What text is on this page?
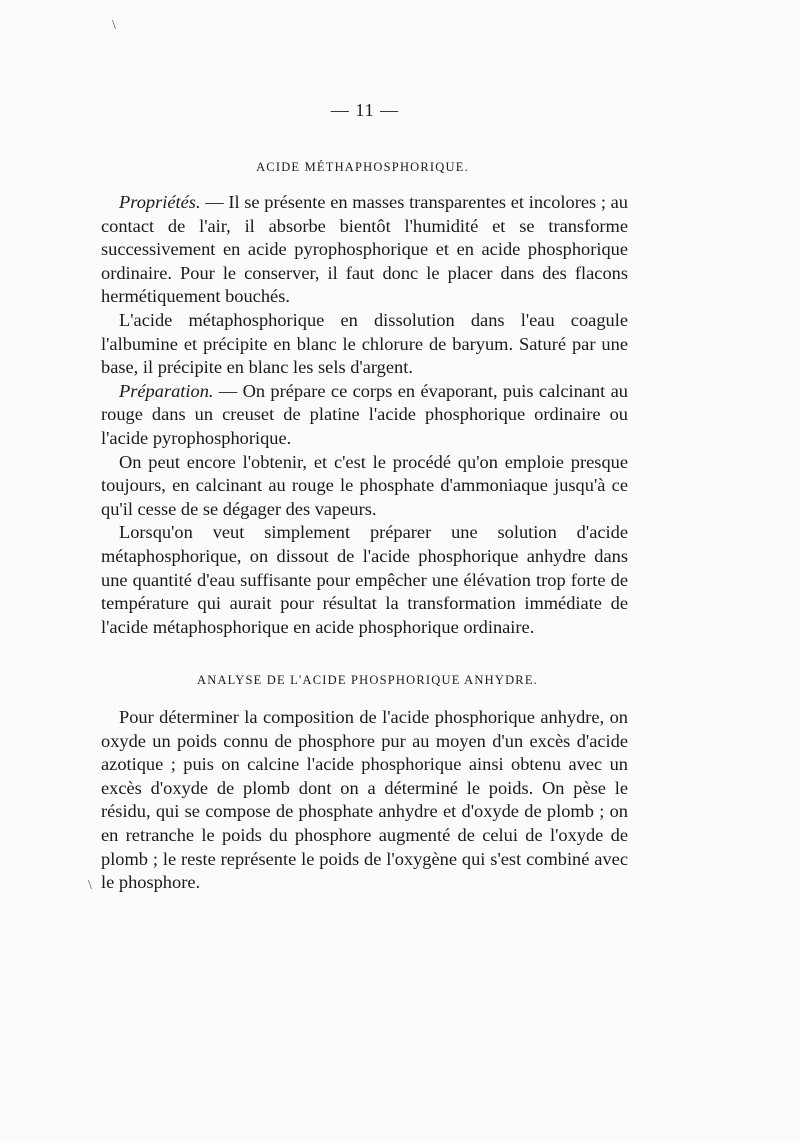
— 11 —
ACIDE MÉTHAPHOSPHORIQUE.

Propriétés. — Il se présente en masses transparentes et incolores ; au contact de l'air, il absorbe bientôt l'humidité et se transforme successivement en acide pyrophosphorique et en acide phosphorique ordinaire. Pour le conserver, il faut donc le placer dans des flacons hermétiquement bouchés.

L'acide métaphosphorique en dissolution dans l'eau coagule l'albumine et précipite en blanc le chlorure de baryum. Saturé par une base, il précipite en blanc les sels d'argent.

Préparation. — On prépare ce corps en évaporant, puis calcinant au rouge dans un creuset de platine l'acide phosphorique ordinaire ou l'acide pyrophosphorique.

On peut encore l'obtenir, et c'est le procédé qu'on emploie presque toujours, en calcinant au rouge le phosphate d'ammoniaque jusqu'à ce qu'il cesse de se dégager des vapeurs.

Lorsqu'on veut simplement préparer une solution d'acide métaphosphorique, on dissout de l'acide phosphorique anhydre dans une quantité d'eau suffisante pour empêcher une élévation trop forte de température qui aurait pour résultat la transformation immédiate de l'acide métaphosphorique en acide phosphorique ordinaire.

ANALYSE DE L'ACIDE PHOSPHORIQUE ANHYDRE.

Pour déterminer la composition de l'acide phosphorique anhydre, on oxyde un poids connu de phosphore pur au moyen d'un excès d'acide azotique ; puis on calcine l'acide phosphorique ainsi obtenu avec un excès d'oxyde de plomb dont on a déterminé le poids. On pèse le résidu, qui se compose de phosphate anhydre et d'oxyde de plomb ; on en retranche le poids du phosphore augmenté de celui de l'oxyde de plomb ; le reste représente le poids de l'oxygène qui s'est combiné avec le phosphore.

\
\
